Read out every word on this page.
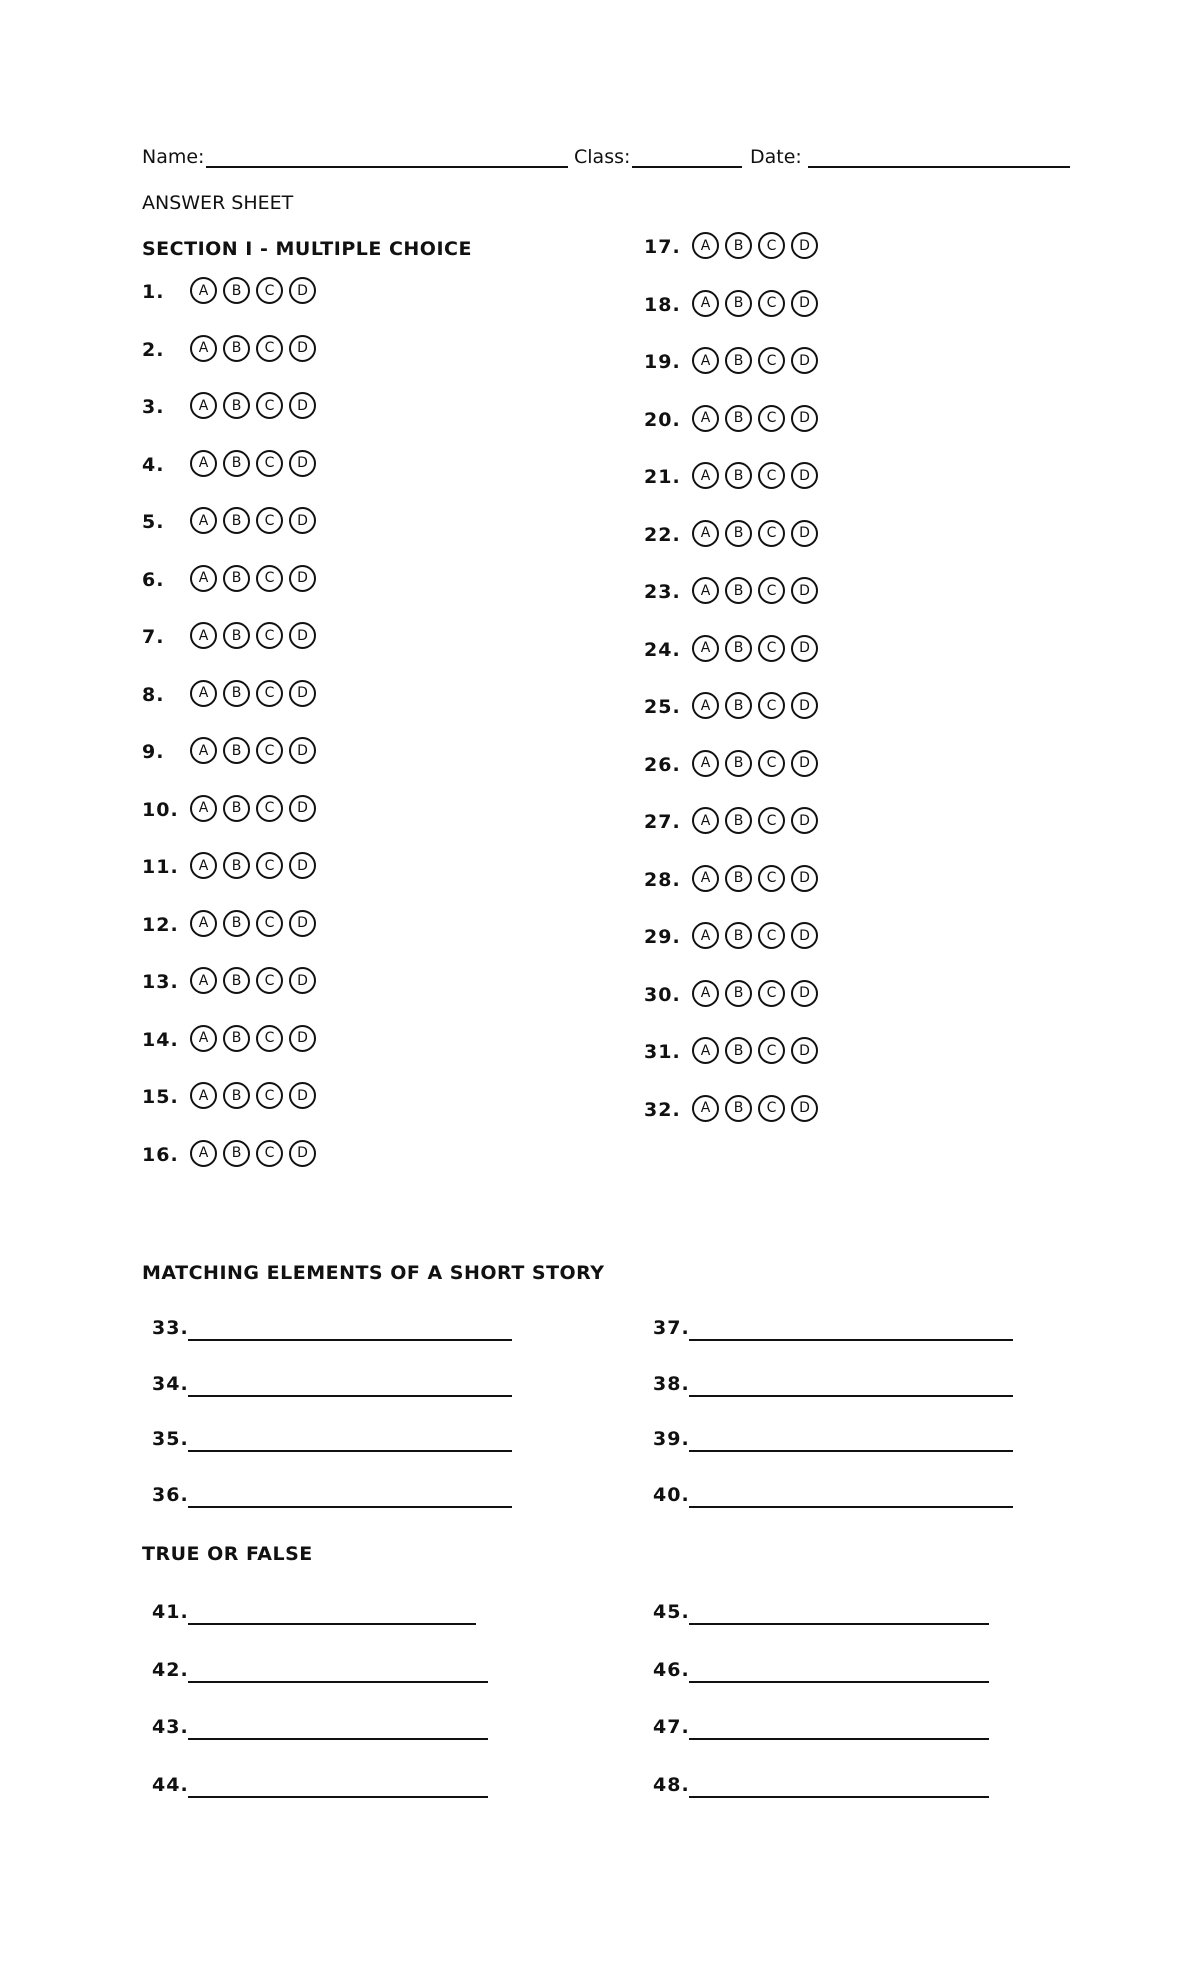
Name:	Class:	Date:
ANSWER SHEET
SECTION I - MULTIPLE CHOICE
1.	A	B	C	D
2.	A	B	C	D
3.	A	B	C	D
4.	A	B	C	D
5.	A	B	C	D
6.	A	B	C	D
7.	A	B	C	D
8.	A	B	C	D
9.	A	B	C	D
10.	A	B	C	D
11.	A	B	C	D
12.	A	B	C	D
13.	A	B	C	D
14.	A	B	C	D
15.	A	B	C	D
16.	A	B	C	D
17.	A	B	C	D
18.	A	B	C	D
19.	A	B	C	D
20.	A	B	C	D
21.	A	B	C	D
22.	A	B	C	D
23.	A	B	C	D
24.	A	B	C	D
25.	A	B	C	D
26.	A	B	C	D
27.	A	B	C	D
28.	A	B	C	D
29.	A	B	C	D
30.	A	B	C	D
31.	A	B	C	D
32.	A	B	C	D
MATCHING ELEMENTS OF A SHORT STORY
33.
34.
35.
36.
37.
38.
39.
40.
TRUE OR FALSE
41.
42.
43.
44.
45.
46.
47.
48.
